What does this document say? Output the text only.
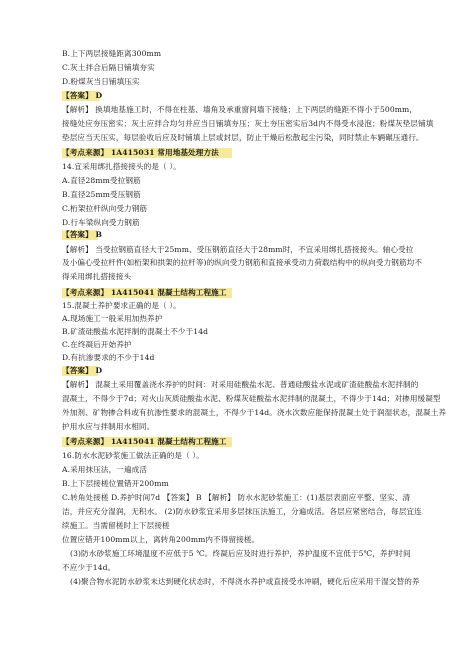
B.上下两层接缝距离300mm
C.灰土拌合后隔日铺填夯实
D.粉煤灰当日铺填压实
【答案】 D
【解析】 换填地基施工时，不得在柱基、墙角及承重窗间墙下接缝；上下两层的缝距不得小于500mm，
接缝处应夯压密实；灰土应拌合均匀并应当日铺填夯压；灰土夯压密实后3d内不得受水浸泡；粉煤灰垫层铺填
垫层应当天压实，每层验收后应及时铺填上层或封层，防止干燥后松散起尘污染，同时禁止车辆碾压通行。
【考点来源】 1A415031 常用地基处理方法
14.宜采用绑扎搭接接头的是（ ）。
A.直径28mm受拉钢筋
B.直径25mm受压钢筋
C.桁架拉杆纵向受力钢筋
D.行车梁纵向受力钢筋
【答案】 B
【解析】 当受拉钢筋直径大于25mm、受压钢筋直径大于28mm时，不宜采用绑扎搭接接头。轴心受拉
及小偏心受拉杆件(如桁架和拱架的拉杆等)的纵向受力钢筋和直接承受动力荷载结构中的纵向受力钢筋均不
得采用绑扎搭接接头
【考点来源】 1A415041 混凝土结构工程施工
15.混凝土养护要求正确的是（ ）。
A.现场施工一般采用加热养护
B.矿渣硅酸盐水泥拌制的混凝土不少于14d
C.在终凝后开始养护
D.有抗渗要求的不少于14d
【答案】 D
【解析】 混凝土采用覆盖浇水养护的时间：对采用硅酸盐水泥、普通硅酸盐水泥或矿渣硅酸盐水泥拌制的
混凝土，不得少于7d；对火山灰质硅酸盐水泥、粉煤灰硅酸盐水泥拌制的混凝土，不得少于14d；对掺用缓凝型
外加剂、矿物掺合料或有抗渗性要求的混凝土，不得少于14d。浇水次数应能保持混凝土处于润湿状态，混凝土养
护用水应与拌制用水相同。
【考点来源】 1A415041 混凝土结构工程施工
16.防水水泥砂浆施工做法正确的是（ ）。
A.采用抹压法，一遍成活
B.上下层接槎位置错开200mm
C.转角处接槎 D.养护时间7d 【答案】 B 【解析】 防水水泥砂浆施工：(1)基层表面应平整、坚实、清
洁，并应充分湿润，无积水。 (2)防水砂浆宜采用多层抹压法施工，分遍成活。各层应紧密结合，每层宜连
续施工。当需留槎时上下层接槎
位置应错开100mm以上，离转角200mm内不得留接槎。
(3)防水砂浆施工环境温度不应低于5 ℃。终凝后应及时进行养护，养护温度不宜低于5℃，养护时间
不应少于14d。
(4)聚合物水泥防水砂浆未达到硬化状态时，不得浇水养护或直接受水冲刷，硬化后应采用干湿交替的养
